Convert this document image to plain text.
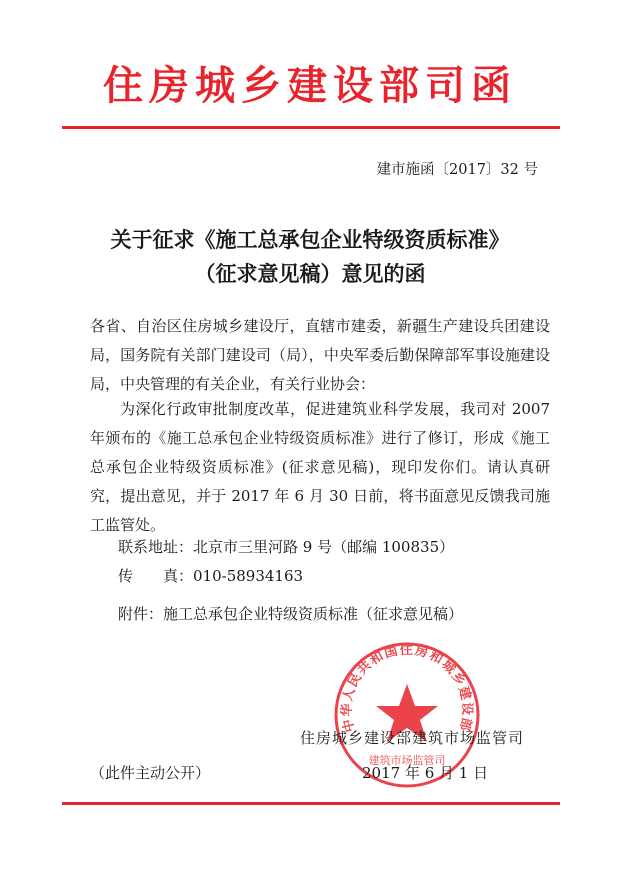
住房城乡建设部司函
建市施函〔2017〕32 号
关于征求《施工总承包企业特级资质标准》
（征求意见稿）意见的函

各省、自治区住房城乡建设厅，直辖市建委，新疆生产建设兵团建设局，国务院有关部门建设司（局），中央军委后勤保障部军事设施建设局，中央管理的有关企业，有关行业协会：

为深化行政审批制度改革，促进建筑业科学发展，我司对 2007 年颁布的《施工总承包企业特级资质标准》进行了修订，形成《施工总承包企业特级资质标准》(征求意见稿)，现印发你们。请认真研究，提出意见，并于 2017 年 6 月 30 日前，将书面意见反馈我司施工监管处。

联系地址：北京市三里河路 9 号（邮编 100835）
传　　真：010-58934163
附件：施工总承包企业特级资质标准（征求意见稿）
中华人民共和国住房和城乡建设部
建筑市场监管司
住房城乡建设部建筑市场监管司
（此件主动公开）	2017 年 6 月 1 日
